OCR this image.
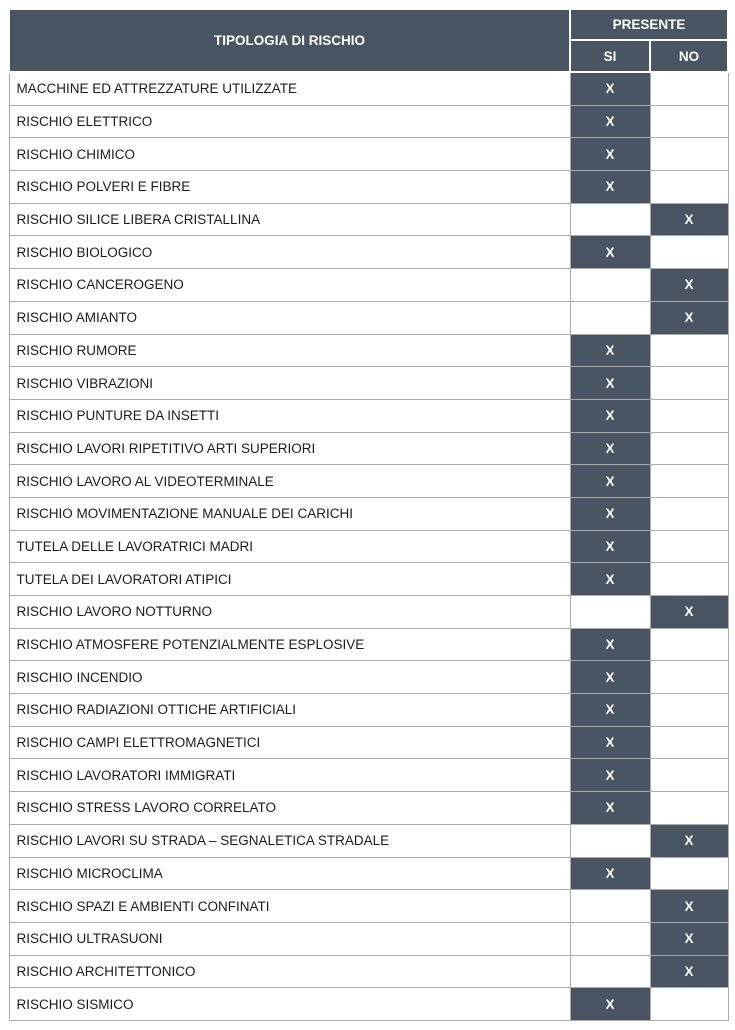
TIPOLOGIA DI RISCHIO	PRESENTE	
	SI	NO
MACCHINE ED ATTREZZATURE UTILIZZATE	X	
RISCHIO ELETTRICO	X	
RISCHIO CHIMICO	X	
RISCHIO POLVERI E FIBRE	X	
RISCHIO SILICE LIBERA CRISTALLINA		X
RISCHIO BIOLOGICO	X	
RISCHIO CANCEROGENO		X
RISCHIO AMIANTO		X
RISCHIO RUMORE	X	
RISCHIO VIBRAZIONI	X	
RISCHIO PUNTURE DA INSETTI	X	
RISCHIO LAVORI RIPETITIVO ARTI SUPERIORI	X	
RISCHIO LAVORO AL VIDEOTERMINALE	X	
RISCHIO MOVIMENTAZIONE MANUALE DEI CARICHI	X	
TUTELA DELLE LAVORATRICI MADRI	X	
TUTELA DEI LAVORATORI ATIPICI	X	
RISCHIO LAVORO NOTTURNO		X
RISCHIO ATMOSFERE POTENZIALMENTE ESPLOSIVE	X	
RISCHIO INCENDIO	X	
RISCHIO RADIAZIONI OTTICHE ARTIFICIALI	X	
RISCHIO CAMPI ELETTROMAGNETICI	X	
RISCHIO LAVORATORI IMMIGRATI	X	
RISCHIO STRESS LAVORO CORRELATO	X	
RISCHIO LAVORI SU STRADA – SEGNALETICA STRADALE		X
RISCHIO MICROCLIMA	X	
RISCHIO SPAZI E AMBIENTI CONFINATI		X
RISCHIO ULTRASUONI		X
RISCHIO ARCHITETTONICO		X
RISCHIO SISMICO	X	
